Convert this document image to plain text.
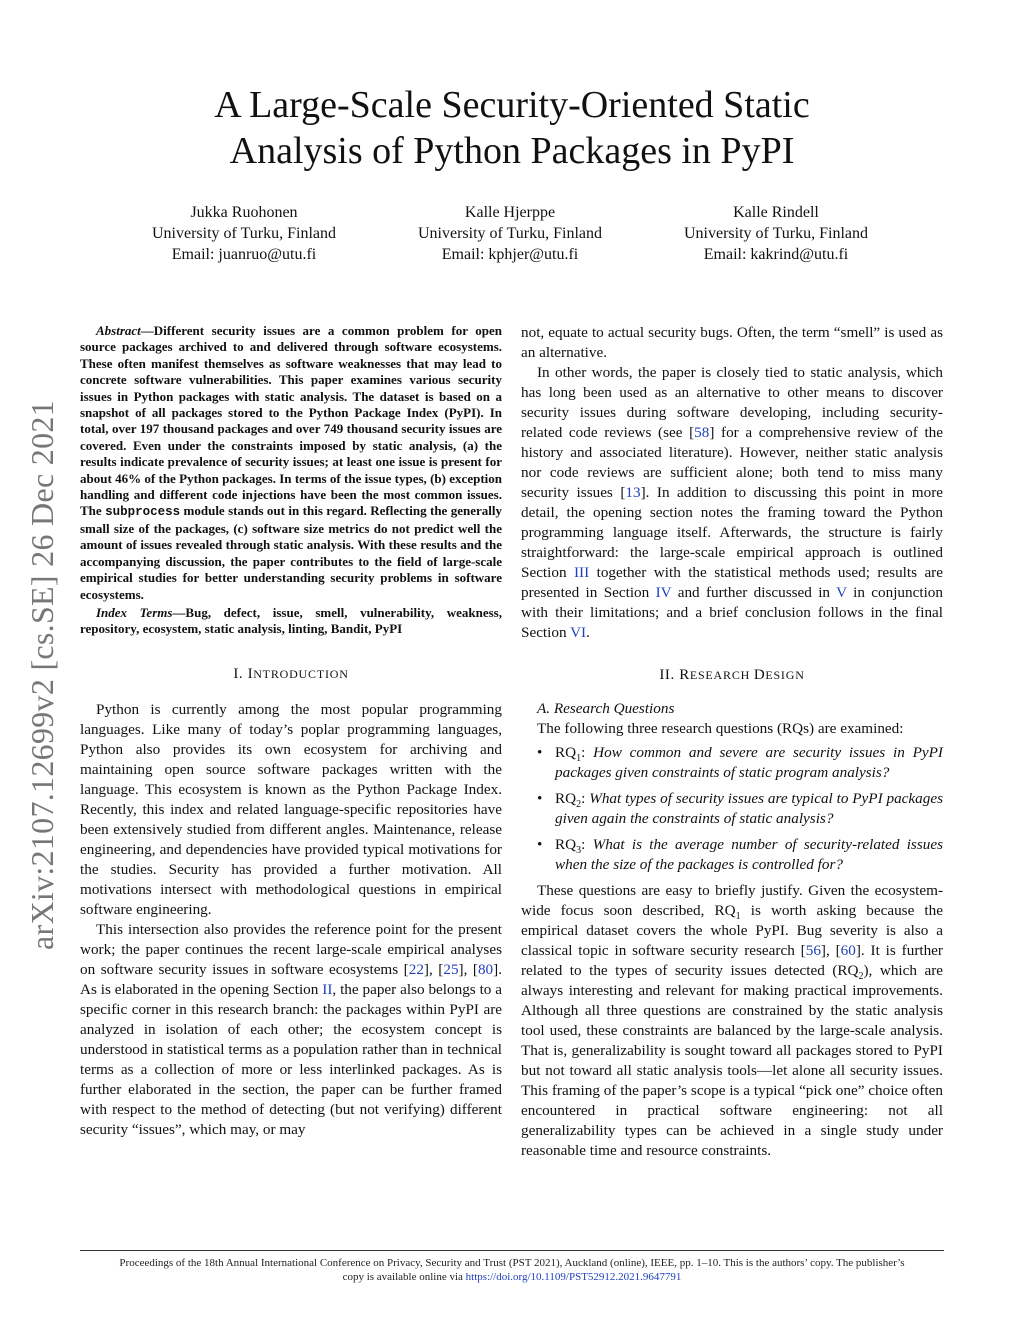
arXiv:2107.12699v2 [cs.SE] 26 Dec 2021
A Large-Scale Security-Oriented Static
Analysis of Python Packages in PyPI
Jukka Ruohonen
University of Turku, Finland
Email: juanruo@utu.fi
Kalle Hjerppe
University of Turku, Finland
Email: kphjer@utu.fi
Kalle Rindell
University of Turku, Finland
Email: kakrind@utu.fi

Abstract—Different security issues are a common problem for open source packages archived to and delivered through software ecosystems. These often manifest themselves as software weaknesses that may lead to concrete software vulnerabilities. This paper examines various security issues in Python packages with static analysis. The dataset is based on a snapshot of all packages stored to the Python Package Index (PyPI). In total, over 197 thousand packages and over 749 thousand security issues are covered. Even under the constraints imposed by static analysis, (a) the results indicate prevalence of security issues; at least one issue is present for about 46% of the Python packages. In terms of the issue types, (b) exception handling and different code injections have been the most common issues. The subprocess module stands out in this regard. Reflecting the generally small size of the packages, (c) software size metrics do not predict well the amount of issues revealed through static analysis. With these results and the accompanying discussion, the paper contributes to the field of large-scale empirical studies for better understanding security problems in software ecosystems.

Index Terms—Bug, defect, issue, smell, vulnerability, weakness, repository, ecosystem, static analysis, linting, Bandit, PyPI

I. INTRODUCTION

Python is currently among the most popular programming languages. Like many of today’s poplar programming languages, Python also provides its own ecosystem for archiving and maintaining open source software packages written with the language. This ecosystem is known as the Python Package Index. Recently, this index and related language-specific repositories have been extensively studied from different angles. Maintenance, release engineering, and dependencies have provided typical motivations for the studies. Security has provided a further motivation. All motivations intersect with methodological questions in empirical software engineering.

This intersection also provides the reference point for the present work; the paper continues the recent large-scale empirical analyses on software security issues in software ecosystems [22], [25], [80]. As is elaborated in the opening Section II, the paper also belongs to a specific corner in this research branch: the packages within PyPI are analyzed in isolation of each other; the ecosystem concept is understood in statistical terms as a population rather than in technical terms as a collection of more or less interlinked packages. As is further elaborated in the section, the paper can be further framed with respect to the method of detecting (but not verifying) different security “issues”, which may, or may

not, equate to actual security bugs. Often, the term “smell” is used as an alternative.

In other words, the paper is closely tied to static analysis, which has long been used as an alternative to other means to discover security issues during software developing, including security-related code reviews (see [58] for a comprehensive review of the history and associated literature). However, neither static analysis nor code reviews are sufficient alone; both tend to miss many security issues [13]. In addition to discussing this point in more detail, the opening section notes the framing toward the Python programming language itself. Afterwards, the structure is fairly straightforward: the large-scale empirical approach is outlined Section III together with the statistical methods used; results are presented in Section IV and further discussed in V in conjunction with their limitations; and a brief conclusion follows in the final Section VI.

II. RESEARCH DESIGN

A. Research Questions

The following three research questions (RQs) are examined:

• $RQ_1$: How common and severe are security issues in PyPI packages given constraints of static program analysis?
• $RQ_2$: What types of security issues are typical to PyPI packages given again the constraints of static analysis?
• $RQ_3$: What is the average number of security-related issues when the size of the packages is controlled for?

These questions are easy to briefly justify. Given the ecosystem-wide focus soon described, $RQ_1$ is worth asking because the empirical dataset covers the whole PyPI. Bug severity is also a classical topic in software security research [56], [60]. It is further related to the types of security issues detected $(RQ_2)$, which are always interesting and relevant for making practical improvements. Although all three questions are constrained by the static analysis tool used, these constraints are balanced by the large-scale analysis. That is, generalizability is sought toward all packages stored to PyPI but not toward all static analysis tools—let alone all security issues. This framing of the paper’s scope is a typical “pick one” choice often encountered in practical software engineering: not all generalizability types can be achieved in a single study under reasonable time and resource constraints.

Proceedings of the 18th Annual International Conference on Privacy, Security and Trust (PST 2021), Auckland (online), IEEE, pp. 1–10. This is the authors’ copy. The publisher’s
copy is available online via https://doi.org/10.1109/PST52912.2021.9647791
